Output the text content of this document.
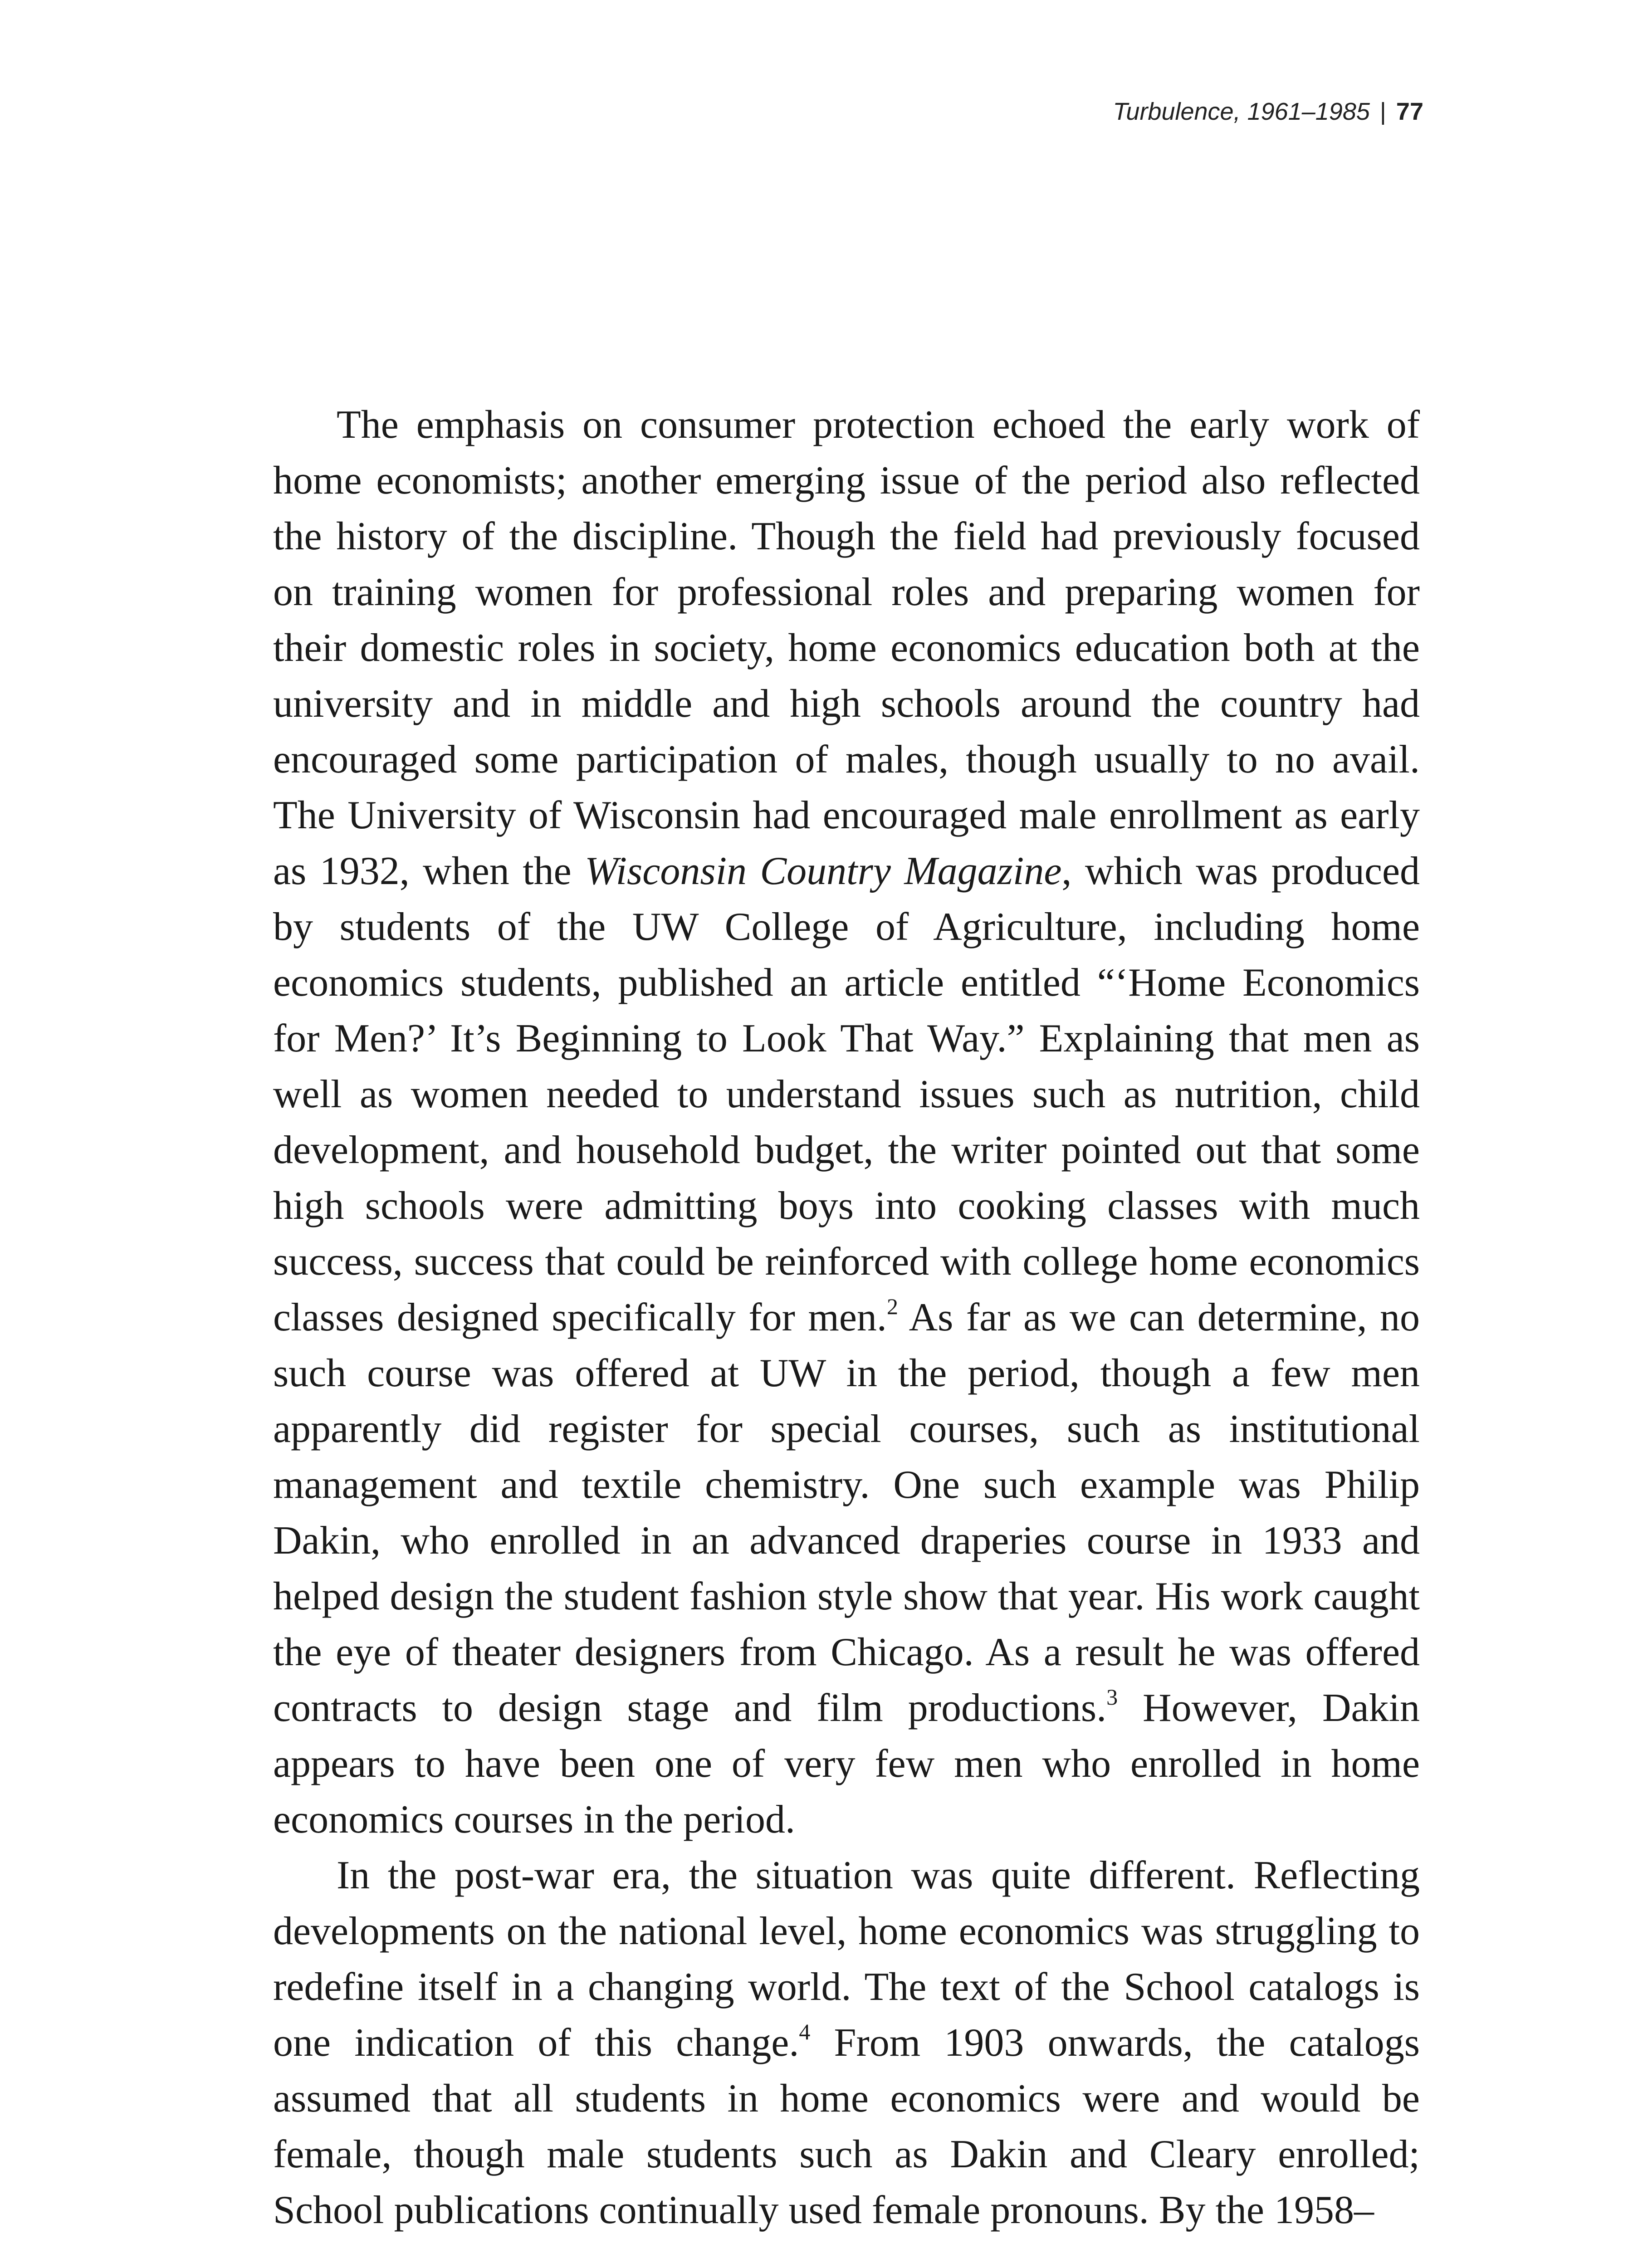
Turbulence, 1961–1985 | 77

The emphasis on consumer protection echoed the early work of home economists; another emerging issue of the period also reflected the history of the discipline. Though the field had previously focused on training women for professional roles and preparing women for their domestic roles in society, home economics education both at the university and in middle and high schools around the country had encouraged some participation of males, though usually to no avail. The University of Wisconsin had encouraged male enrollment as early as 1932, when the Wisconsin Country Magazine, which was produced by students of the UW College of Agriculture, including home economics students, published an article entitled “‘Home Economics for Men?’ It’s Beginning to Look That Way.” Explaining that men as well as women needed to understand issues such as nutrition, child development, and household budget, the writer pointed out that some high schools were admitting boys into cooking classes with much success, success that could be reinforced with college home economics classes designed specifically for men.$^2$ As far as we can determine, no such course was offered at UW in the period, though a few men apparently did register for special courses, such as institutional management and textile chemistry. One such example was Philip Dakin, who enrolled in an advanced draperies course in 1933 and helped design the student fashion style show that year. His work caught the eye of theater designers from Chicago. As a result he was offered contracts to design stage and film productions.$^3$ However, Dakin appears to have been one of very few men who enrolled in home economics courses in the period.

In the post-war era, the situation was quite different. Reflecting developments on the national level, home economics was struggling to redefine itself in a changing world. The text of the School catalogs is one indication of this change.$^4$ From 1903 onwards, the catalogs assumed that all students in home economics were and would be female, though male students such as Dakin and Cleary enrolled; School publications continually used female pronouns. By the 1958–
